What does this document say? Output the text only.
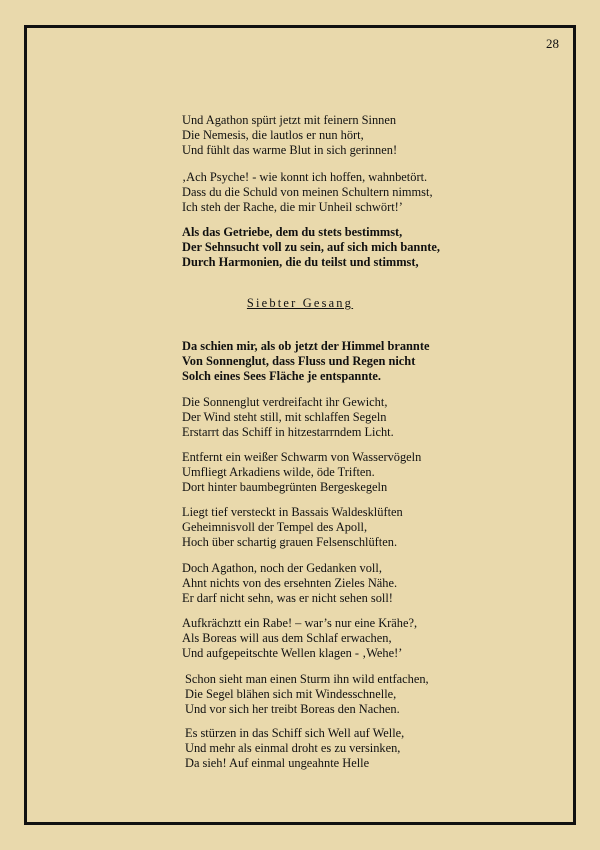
28
Und Agathon spürt jetzt mit feinern Sinnen
Die Nemesis, die lautlos er nun hört,
Und fühlt das warme Blut in sich gerinnen!
‚Ach Psyche! - wie konnt ich hoffen, wahnbetört.
Dass du die Schuld von meinen Schultern nimmst,
Ich steh der Rache, die mir Unheil schwört!’
Als das Getriebe, dem du stets bestimmst,
Der Sehnsucht voll zu sein, auf sich mich bannte,
Durch Harmonien, die du teilst und stimmst,
Siebter Gesang
Da schien mir, als ob jetzt der Himmel brannte
Von Sonnenglut, dass Fluss und Regen nicht
Solch eines Sees Fläche je entspannte.
Die Sonnenglut verdreifacht ihr Gewicht,
Der Wind steht still, mit schlaffen Segeln
Erstarrt das Schiff in hitzestarrndem Licht.
Entfernt ein weißer Schwarm von Wasservögeln
Umfliegt Arkadiens wilde, öde Triften.
Dort hinter baumbegrünten Bergeskegeln
Liegt tief versteckt in Bassais Waldesklüften
Geheimnisvoll der Tempel des Apoll,
Hoch über schartig grauen Felsenschlüften.
Doch Agathon, noch der Gedanken voll,
Ahnt nichts von des ersehnten Zieles Nähe.
Er darf nicht sehn, was er nicht sehen soll!
Aufkrächztt ein Rabe! – war’s nur eine Krähe?,
Als Boreas will aus dem Schlaf erwachen,
Und aufgepeitschte Wellen klagen - ‚Wehe!’
Schon sieht man einen Sturm ihn wild entfachen,
Die Segel blähen sich mit Windesschnelle,
Und vor sich her treibt Boreas den Nachen.
Es stürzen in das Schiff sich Well auf Welle,
Und mehr als einmal droht es zu versinken,
Da sieh! Auf einmal ungeahnte Helle
